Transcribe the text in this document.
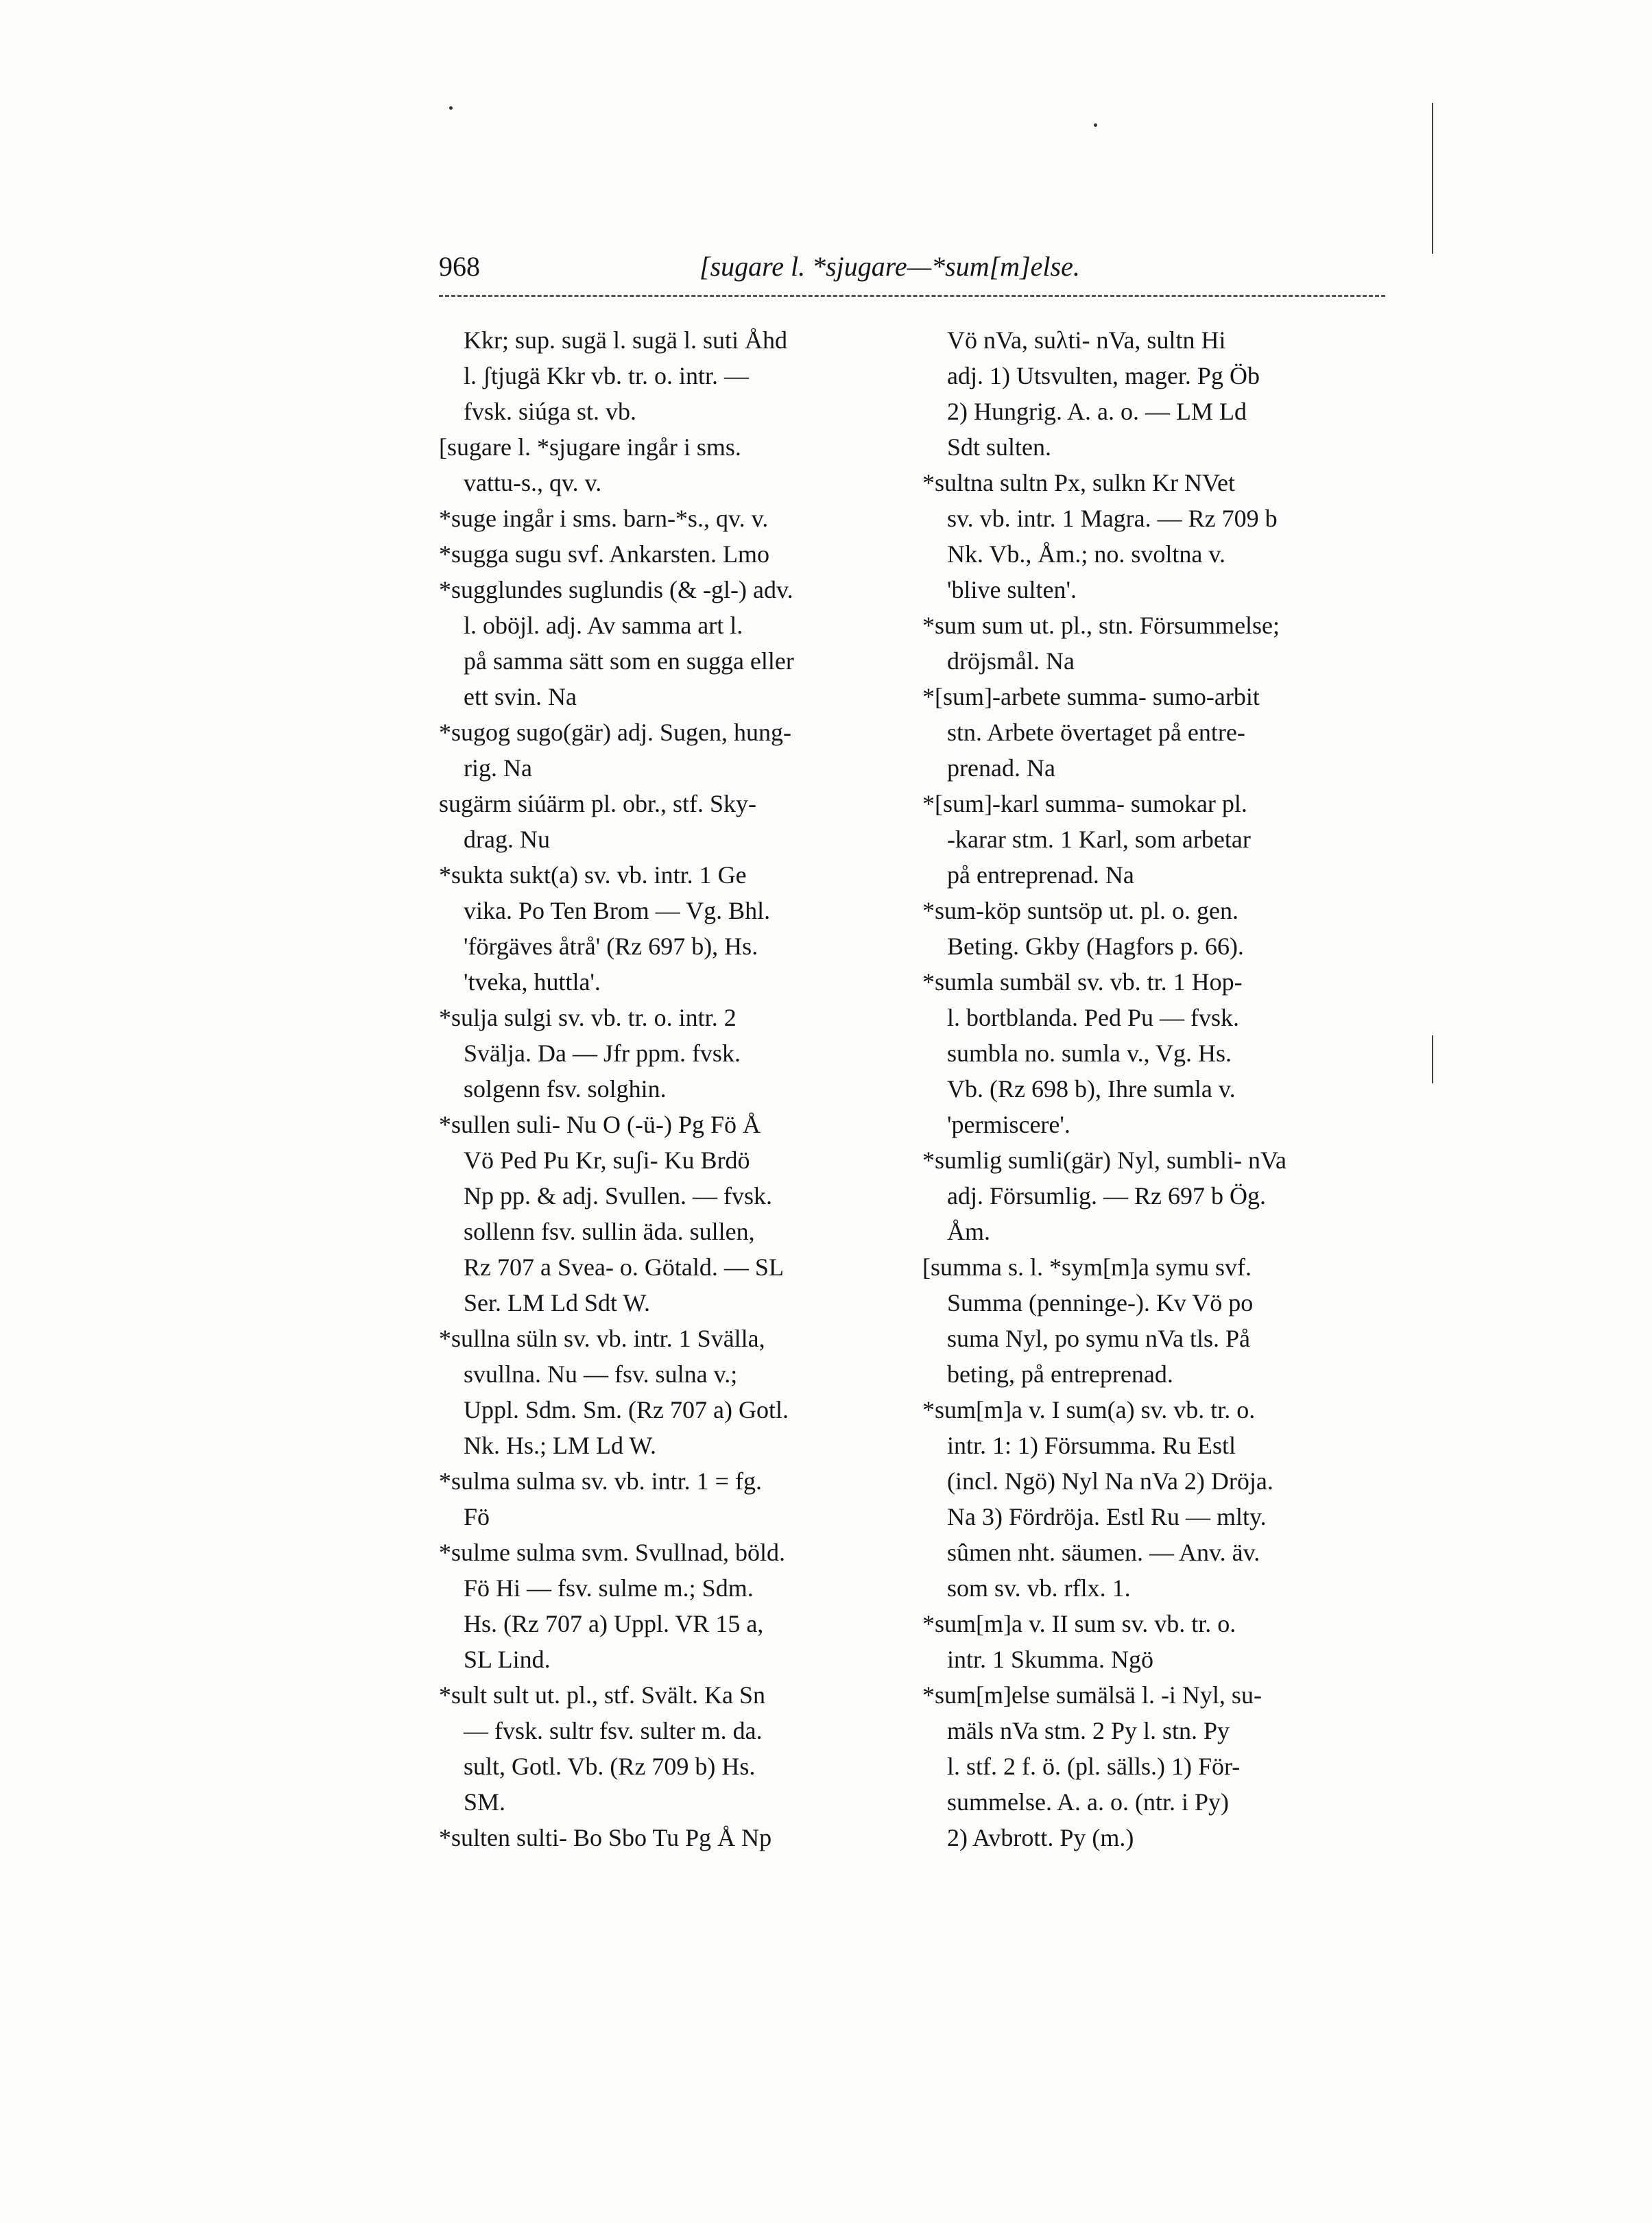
968	[sugare l. *sjugare—*sum[m]else.

Kkr; sup. sugä l. sugä l. suti Åhd
l. ʃtjugä Kkr vb. tr. o. intr. —
fvsk. siúga st. vb.

[sugare l. *sjugare ingår i sms.
vattu-s., qv. v.

*suge ingår i sms. barn-*s., qv. v.

*sugga sugu svf. Ankarsten. Lmo

*sugglundes suglundis (& -gl-) adv.
l. oböjl. adj. Av samma art l.
på samma sätt som en sugga eller
ett svin. Na

*sugog sugo(gär) adj. Sugen, hung-
rig. Na

sugärm siúärm pl. obr., stf. Sky-
drag. Nu

*sukta sukt(a) sv. vb. intr. 1 Ge
vika. Po Ten Brom — Vg. Bhl.
'förgäves åtrå' (Rz 697 b), Hs.
'tveka, huttla'.

*sulja sulgi sv. vb. tr. o. intr. 2
Svälja. Da — Jfr ppm. fvsk.
solgenn fsv. solghin.

*sullen suli- Nu O (-ü-) Pg Fö Å
Vö Ped Pu Kr, suʃi- Ku Brdö
Np pp. & adj. Svullen. — fvsk.
sollenn fsv. sullin äda. sullen,
Rz 707 a Svea- o. Götald. — SL
Ser. LM Ld Sdt W.

*sullna süln sv. vb. intr. 1 Svälla,
svullna. Nu — fsv. sulna v.;
Uppl. Sdm. Sm. (Rz 707 a) Gotl.
Nk. Hs.; LM Ld W.

*sulma sulma sv. vb. intr. 1 = fg.
Fö

*sulme sulma svm. Svullnad, böld.
Fö Hi — fsv. sulme m.; Sdm.
Hs. (Rz 707 a) Uppl. VR 15 a,
SL Lind.

*sult sult ut. pl., stf. Svält. Ka Sn
— fvsk. sultr fsv. sulter m. da.
sult, Gotl. Vb. (Rz 709 b) Hs.
SM.

*sulten sulti- Bo Sbo Tu Pg Å Np

Vö nVa, suλti- nVa, sultn Hi
adj. 1) Utsvulten, mager. Pg Öb
2) Hungrig. A. a. o. — LM Ld
Sdt sulten.

*sultna sultn Px, sulkn Kr NVet
sv. vb. intr. 1 Magra. — Rz 709 b
Nk. Vb., Åm.; no. svoltna v.
'blive sulten'.

*sum sum ut. pl., stn. Försummelse;
dröjsmål. Na

*[sum]-arbete summa- sumo-arbit
stn. Arbete övertaget på entre-
prenad. Na

*[sum]-karl summa- sumokar pl.
-karar stm. 1 Karl, som arbetar
på entreprenad. Na

*sum-köp suntsöp ut. pl. o. gen.
Beting. Gkby (Hagfors p. 66).

*sumla sumbäl sv. vb. tr. 1 Hop-
l. bortblanda. Ped Pu — fvsk.
sumbla no. sumla v., Vg. Hs.
Vb. (Rz 698 b), Ihre sumla v.
'permiscere'.

*sumlig sumli(gär) Nyl, sumbli- nVa
adj. Försumlig. — Rz 697 b Ög.
Åm.

[summa s. l. *sym[m]a symu svf.
Summa (penninge-). Kv Vö po
suma Nyl, po symu nVa tls. På
beting, på entreprenad.

*sum[m]a v. I sum(a) sv. vb. tr. o.
intr. 1: 1) Försumma. Ru Estl
(incl. Ngö) Nyl Na nVa 2) Dröja.
Na 3) Fördröja. Estl Ru — mlty.
sûmen nht. säumen. — Anv. äv.
som sv. vb. rflx. 1.

*sum[m]a v. II sum sv. vb. tr. o.
intr. 1 Skumma. Ngö

*sum[m]else sumälsä l. -i Nyl, su-
mäls nVa stm. 2 Py l. stn. Py
l. stf. 2 f. ö. (pl. sälls.) 1) För-
summelse. A. a. o. (ntr. i Py)
2) Avbrott. Py (m.)
